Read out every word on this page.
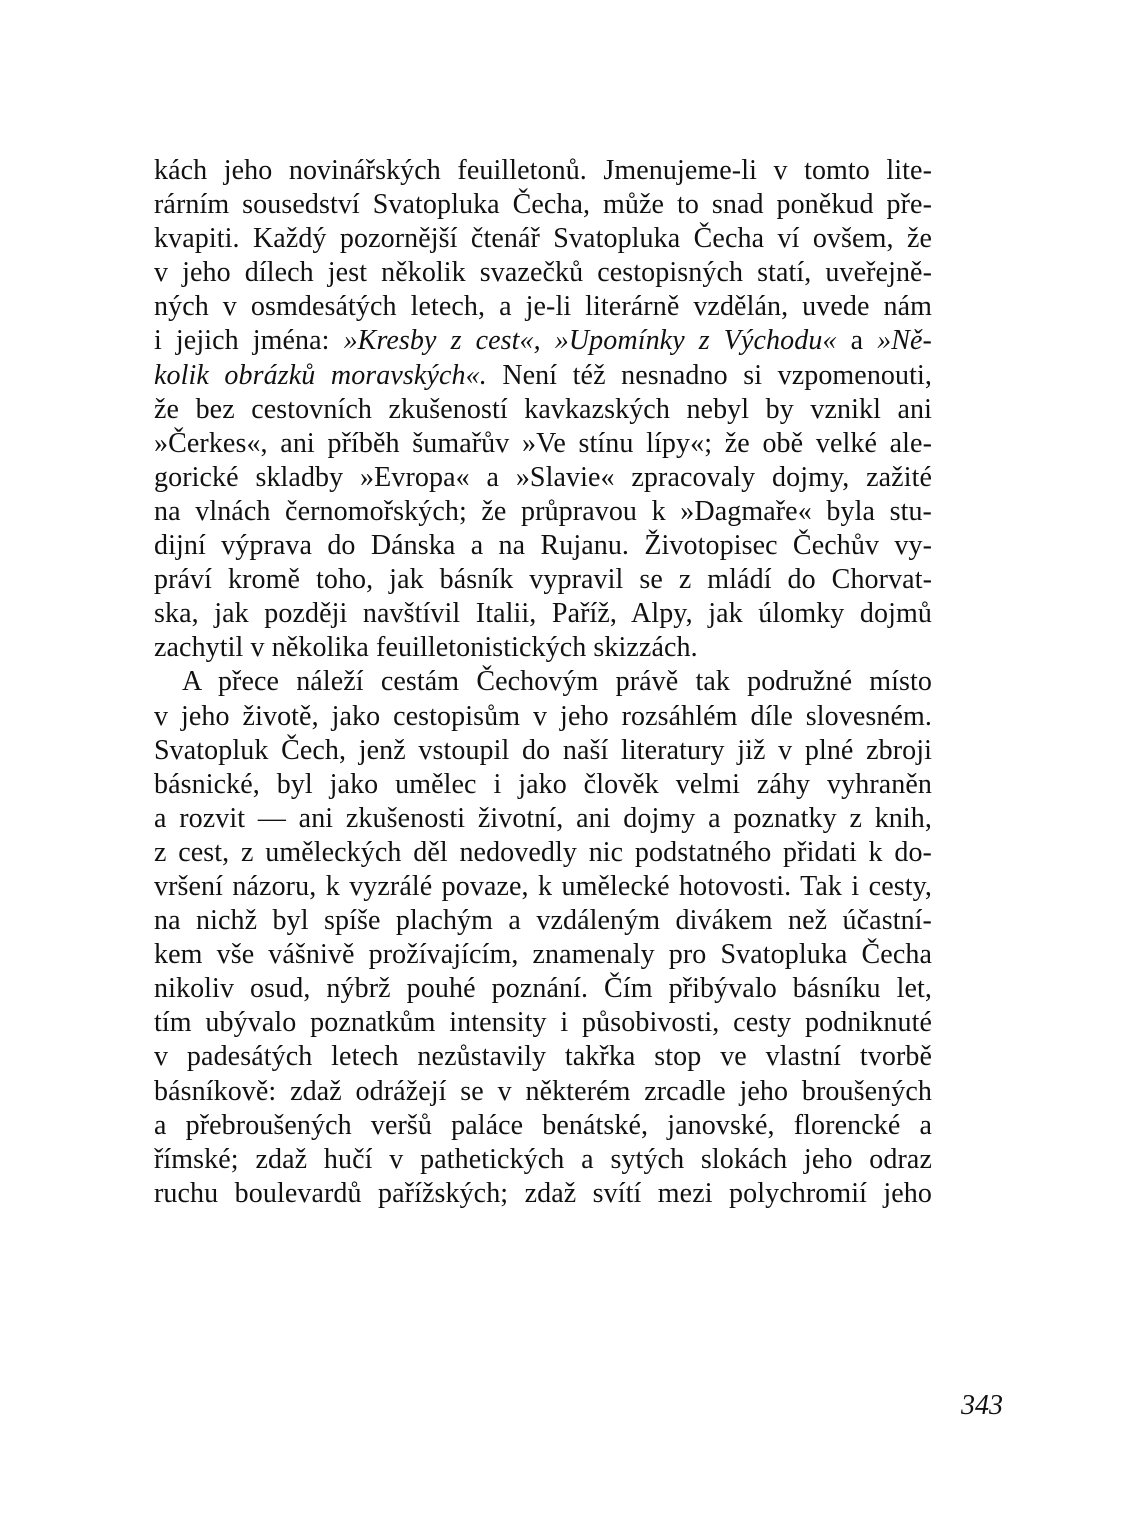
kách jeho novinářských feuilletonů. Jmenujeme-li v tomto lite-
rárním sousedství Svatopluka Čecha, může to snad poněkud pře-
kvapiti. Každý pozornější čtenář Svatopluka Čecha ví ovšem, že
v jeho dílech jest několik svazečků cestopisných statí, uveřejně-
ných v osmdesátých letech, a je-li literárně vzdělán, uvede nám
i jejich jména: »Kresby z cest«, »Upomínky z Východu« a »Ně-
kolik obrázků moravských«. Není též nesnadno si vzpomenouti,
že bez cestovních zkušeností kavkazských nebyl by vznikl ani
»Čerkes«, ani příběh šumařův »Ve stínu lípy«; že obě velké ale-
gorické skladby »Evropa« a »Slavie« zpracovaly dojmy, zažité
na vlnách černomořských; že průpravou k »Dagmaře« byla stu-
dijní výprava do Dánska a na Rujanu. Životopisec Čechův vy-
práví kromě toho, jak básník vypravil se z mládí do Chorvat-
ska, jak později navštívil Italii, Paříž, Alpy, jak úlomky dojmů
zachytil v několika feuilletonistických skizzách.
A přece náleží cestám Čechovým právě tak podružné místo
v jeho životě, jako cestopisům v jeho rozsáhlém díle slovesném.
Svatopluk Čech, jenž vstoupil do naší literatury již v plné zbroji
básnické, byl jako umělec i jako člověk velmi záhy vyhraněn
a rozvit — ani zkušenosti životní, ani dojmy a poznatky z knih,
z cest, z uměleckých děl nedovedly nic podstatného přidati k do-
vršení názoru, k vyzrálé povaze, k umělecké hotovosti. Tak i cesty,
na nichž byl spíše plachým a vzdáleným divákem než účastní-
kem vše vášnivě prožívajícím, znamenaly pro Svatopluka Čecha
nikoliv osud, nýbrž pouhé poznání. Čím přibývalo básníku let,
tím ubývalo poznatkům intensity i působivosti, cesty podniknuté
v padesátých letech nezůstavily takřka stop ve vlastní tvorbě
básníkově: zdaž odrážejí se v některém zrcadle jeho broušených
a přebroušených veršů paláce benátské, janovské, florencké a
římské; zdaž hučí v pathetických a sytých slokách jeho odraz
ruchu boulevardů pařížských; zdaž svítí mezi polychromií jeho
343
